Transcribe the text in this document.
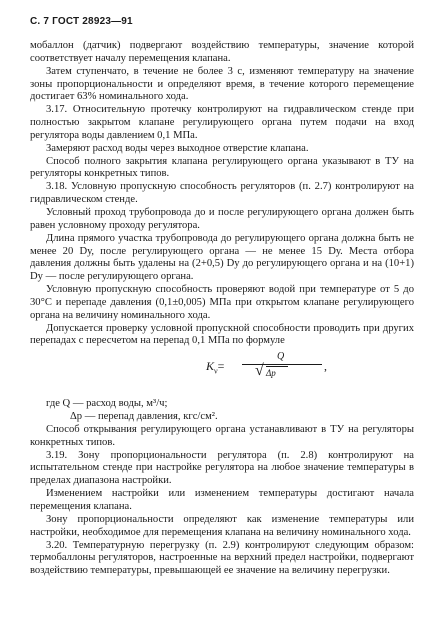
С. 7 ГОСТ 28923—91

мобаллон (датчик) подвергают воздействию температуры, значение которой соответствует началу перемещения клапана.

Затем ступенчато, в течение не более 3 с, изменяют температуру на значение зоны пропорциональности и определяют время, в течение которого перемещение достигает 63% номинального хода.

3.17. Относительную протечку контролируют на гидравлическом стенде при полностью закрытом клапане регулирующего органа путем подачи на вход регулятора воды давлением 0,1 МПа.

Замеряют расход воды через выходное отверстие клапана.

Способ полного закрытия клапана регулирующего органа указывают в ТУ на регуляторы конкретных типов.

3.18. Условную пропускную способность регуляторов (п. 2.7) контролируют на гидравлическом стенде.

Условный проход трубопровода до и после регулирующего органа должен быть равен условному проходу регулятора.

Длина прямого участка трубопровода до регулирующего органа должна быть не менее 20 Dу, после регулирующего органа — не менее 15 Dу. Места отбора давления должны быть удалены на (2+0,5) Dу до регулирующего органа и на (10+1) Dу — после регулирующего органа.

Условную пропускную способность проверяют водой при температуре от 5 до 30°С и перепаде давления (0,1±0,005) МПа при открытом клапане регулирующего органа на величину номинального хода.

Допускается проверку условной пропускной способности проводить при других перепадах с пересчетом на перепад 0,1 МПа по формуле

$K_\nu=$
Q
√ Δр	,

где Q — расход воды, м³/ч;

Δр — перепад давления, кгс/см².

Способ открывания регулирующего органа устанавливают в ТУ на регуляторы конкретных типов.

3.19. Зону пропорциональности регулятора (п. 2.8) контролируют на испытательном стенде при настройке регулятора на любое значение температуры в пределах диапазона настройки.

Изменением настройки или изменением температуры достигают начала перемещения клапана.

Зону пропорциональности определяют как изменение температуры или настройки, необходимое для перемещения клапана на величину номинального хода.

3.20. Температурную перегрузку (п. 2.9) контролируют следующим образом: термобаллоны регуляторов, настроенные на верхний предел настройки, подвергают воздействию температуры, превышающей ее значение на величину перегрузки.
